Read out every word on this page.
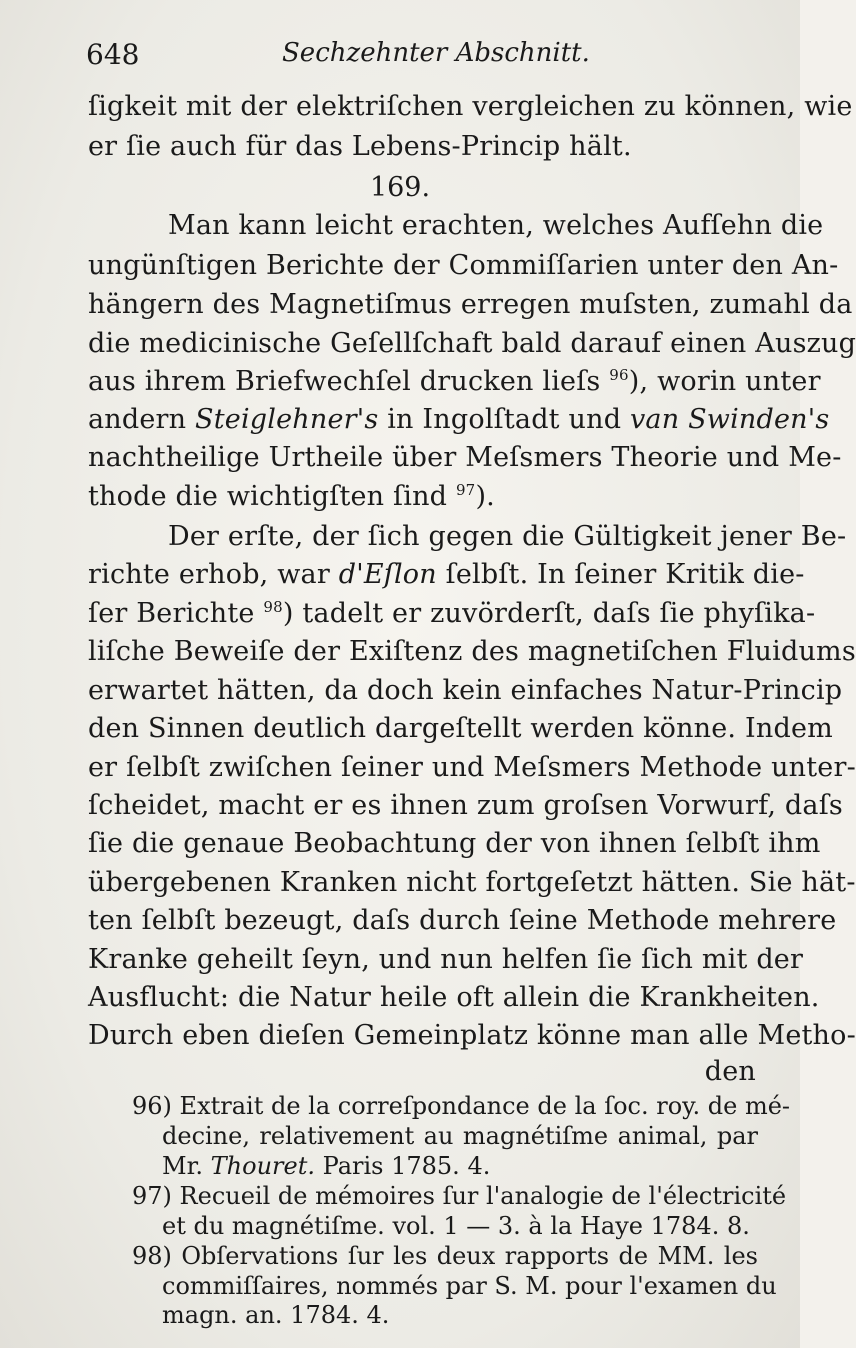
648	Sechzehnter Abschnitt.
ſigkeit mit der elektriſchen vergleichen zu können, wie
er ſie auch für das Lebens-Princip hält.
169.
Man kann leicht erachten, welches Aufſehn die
ungünſtigen Berichte der Commiſſarien unter den An-
hängern des Magnetiſmus erregen muſsten, zumahl da
die medicinische Geſellſchaft bald darauf einen Auszug
aus ihrem Briefwechſel drucken lieſs $^{96}$), worin unter
andern Steiglehner's in Ingolſtadt und van Swinden's
nachtheilige Urtheile über Meſsmers Theorie und Me-
thode die wichtigſten ſind $^{97}$).
Der erſte, der ſich gegen die Gültigkeit jener Be-
richte erhob, war d'Eſlon ſelbſt. In ſeiner Kritik die-
ſer Berichte $^{98}$) tadelt er zuvörderſt, daſs ſie phyſika-
liſche Beweiſe der Exiſtenz des magnetiſchen Fluidums
erwartet hätten, da doch kein einfaches Natur-Princip
den Sinnen deutlich dargeſtellt werden könne. Indem
er ſelbſt zwiſchen ſeiner und Meſsmers Methode unter-
ſcheidet, macht er es ihnen zum groſsen Vorwurf, daſs
ſie die genaue Beobachtung der von ihnen ſelbſt ihm
übergebenen Kranken nicht fortgeſetzt hätten. Sie hät-
ten ſelbſt bezeugt, daſs durch ſeine Methode mehrere
Kranke geheilt ſeyn, und nun helfen ſie ſich mit der
Ausflucht: die Natur heile oft allein die Krankheiten.
Durch eben dieſen Gemeinplatz könne man alle Metho-
den
96) Extrait de la correſpondance de la ſoc. roy. de mé-
decine, relativement au magnétiſme animal, par
Mr. Thouret. Paris 1785. 4.
97) Recueil de mémoires ſur l'analogie de l'électricité
et du magnétiſme. vol. 1 — 3. à la Haye 1784. 8.
98) Obſervations ſur les deux rapports de MM. les
commiſſaires, nommés par S. M. pour l'examen du
magn. an. 1784. 4.
